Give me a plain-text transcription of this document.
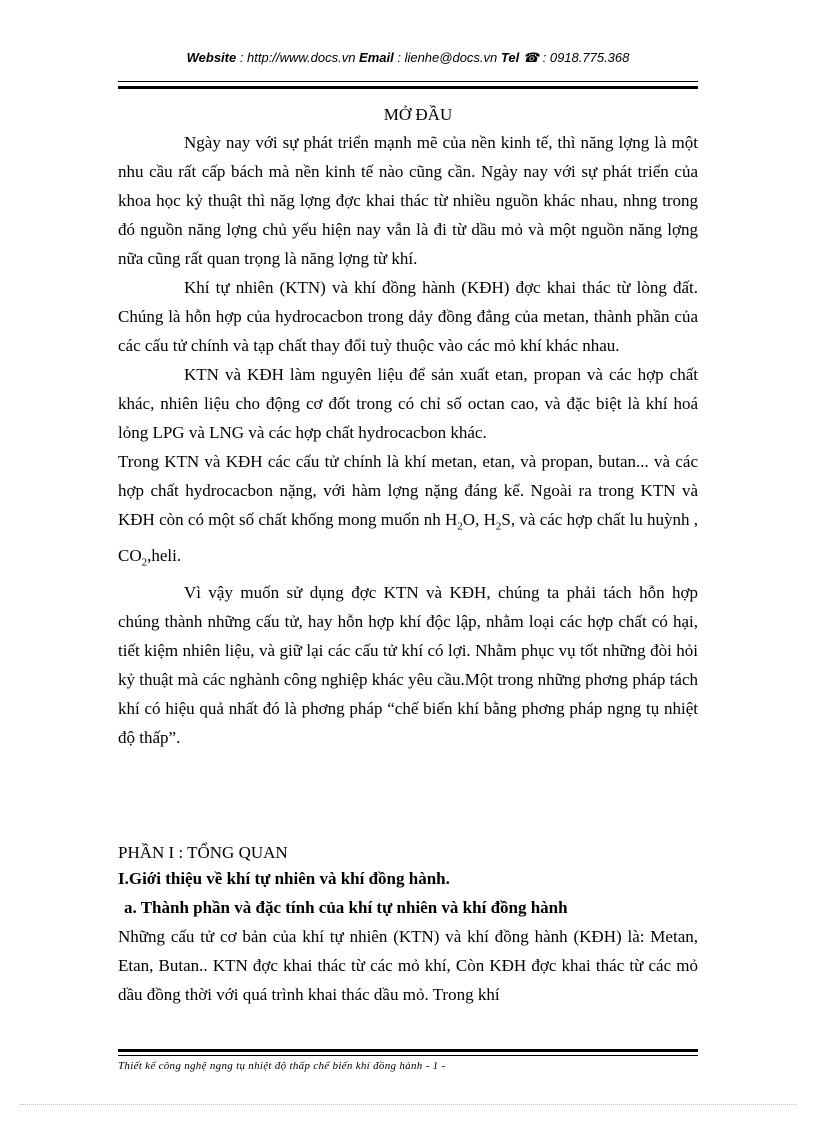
Website : http://www.docs.vn Email : lienhe@docs.vn Tel ☎ : 0918.775.368
MỞ ĐẦU

Ngày nay với sự phát triển mạnh mẽ của nền kinh tế, thì năng lợng là một nhu cầu rất cấp bách mà nền kinh tế nào cũng cần. Ngày nay với sự phát triển của khoa học kỷ thuật thì năg lợng đợc khai thác từ nhiều nguồn khác nhau, nhng trong đó nguồn năng lợng chủ yếu hiện nay vẫn là đi từ dầu mỏ và một nguồn năng lợng nữa cũng rất quan trọng là năng lợng từ khí.

Khí tự nhiên (KTN) và khí đồng hành (KĐH) đợc khai thác từ lòng đất. Chúng là hỗn hợp của hydrocacbon trong dảy đồng đẳng của metan, thành phần của các cấu tử chính và tạp chất thay đổi tuỳ thuộc vào các mỏ khí khác nhau.

KTN và KĐH làm nguyên liệu để sản xuất etan, propan và các hợp chất khác, nhiên liệu cho động cơ đốt trong có chỉ số octan cao, và đặc biệt là khí hoá lỏng LPG và LNG và các hợp chất hydrocacbon khác.

Trong KTN và KĐH các cấu tử chính là khí metan, etan, và propan, butan... và các hợp chất hydrocacbon nặng, với hàm lợng nặng đáng kể. Ngoài ra trong KTN và KĐH còn có một số chất khống mong muốn nh $H_2O$, $H_2S$, và các hợp chất lu huỳnh , $CO_2,heli$.

Vì vậy muốn sử dụng đợc KTN và KĐH, chúng ta phải tách hỗn hợp chúng thành những cấu tử, hay hỗn hợp khí độc lập, nhằm loại các hợp chất có hại, tiết kiệm nhiên liệu, và giữ lại các cấu tử khí có lợi. Nhằm phục vụ tốt những đòi hỏi kỷ thuật mà các nghành công nghiệp khác yêu cầu.Một trong những phơng pháp tách khí có hiệu quả nhất đó là phơng pháp “chế biến khí bằng phơng pháp ngng tụ nhiệt độ thấp”.

PHẦN I : TỔNG QUAN
I.Giới thiệu về khí tự nhiên và khí đồng hành.
a. Thành phần và đặc tính của khí tự nhiên và khí đồng hành

Những cấu tử cơ bản của khí tự nhiên (KTN) và khí đồng hành (KĐH) là: Metan, Etan, Butan.. KTN đợc khai thác từ các mỏ khí, Còn KĐH đợc khai thác từ các mỏ dầu đồng thời với quá trình khai thác dầu mỏ. Trong khí

Thiết kế công nghệ ngng tụ nhiệt độ thấp chế biến khí đồng hành - 1 -
